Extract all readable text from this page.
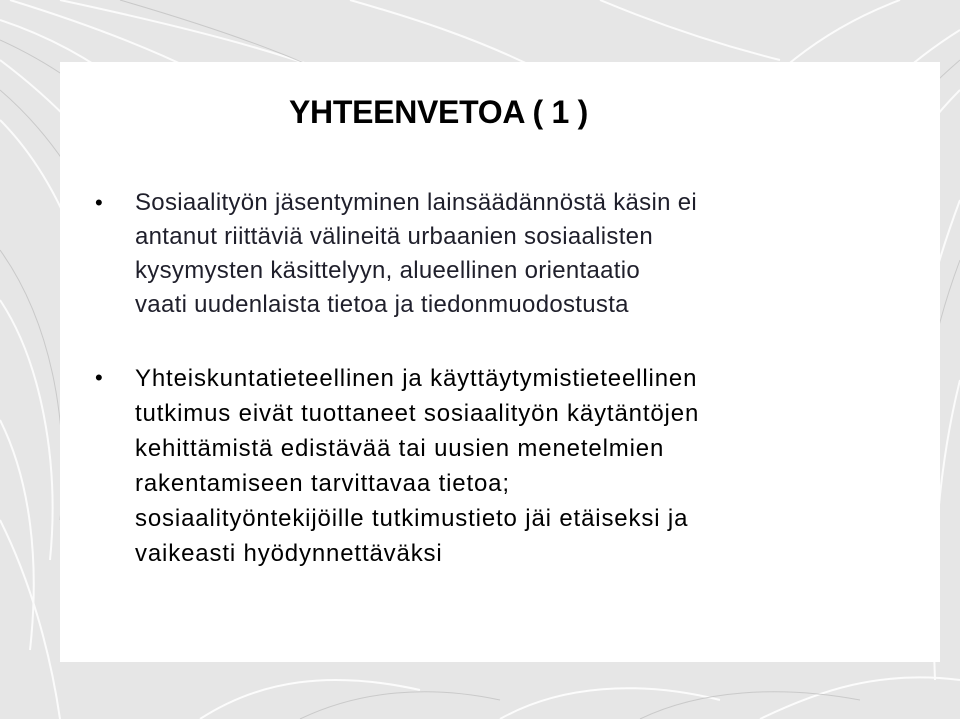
YHTEENVETOA ( 1 )
• Sosiaalityön jäsentyminen lainsäädännöstä käsin ei
antanut riittäviä välineitä urbaanien sosiaalisten
kysymysten käsittelyyn, alueellinen orientaatio
vaati uudenlaista tietoa ja tiedonmuodostusta

• Yhteiskuntatieteellinen ja käyttäytymistieteellinen
tutkimus eivät tuottaneet sosiaalityön käytäntöjen
kehittämistä edistävää tai uusien menetelmien
rakentamiseen tarvittavaa tietoa;
sosiaalityöntekijöille tutkimustieto jäi etäiseksi ja
vaikeasti hyödynnettäväksi
